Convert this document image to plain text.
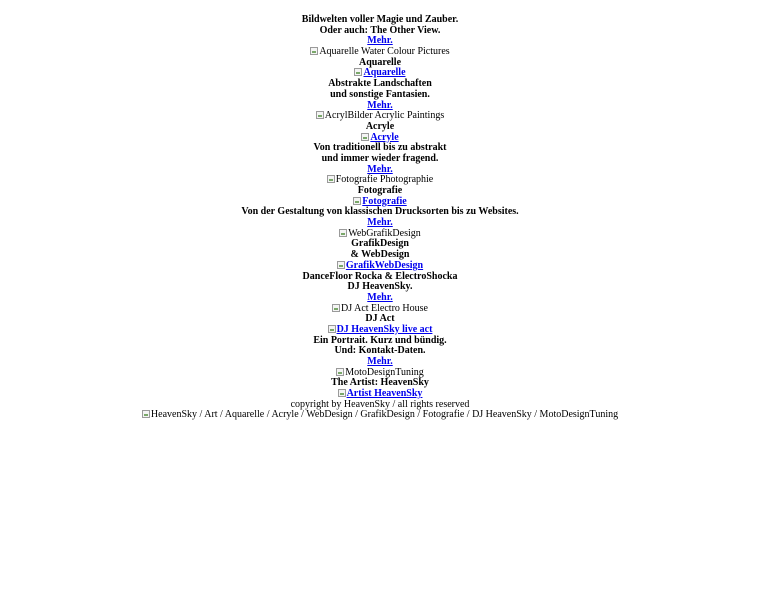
Bildwelten voller Magie und Zauber.
Oder auch: The Other View.
Mehr.
Aquarelle Water Colour Pictures
Aquarelle
Aquarelle
Abstrakte Landschaften
und sonstige Fantasien.
Mehr.
AcrylBilder Acrylic Paintings
Acryle
Acryle
Von traditionell bis zu abstrakt
und immer wieder fragend.
Mehr.
Fotografie Photographie
Fotografie
Fotografie
Von der Gestaltung von klassischen Drucksorten bis zu Websites.
Mehr.
WebGrafikDesign
GrafikDesign
& WebDesign
GrafikWebDesign
DanceFloor Rocka & ElectroShocka
DJ HeavenSky.
Mehr.
DJ Act Electro House
DJ Act
DJ HeavenSky live act
Ein Portrait. Kurz und bündig.
Und: Kontakt-Daten.
Mehr.
MotoDesignTuning
The Artist: HeavenSky
Artist HeavenSky
copyright by HeavenSky / all rights reserved
HeavenSky / Art / Aquarelle / Acryle / WebDesign / GrafikDesign / Fotografie / DJ HeavenSky / MotoDesignTuning
